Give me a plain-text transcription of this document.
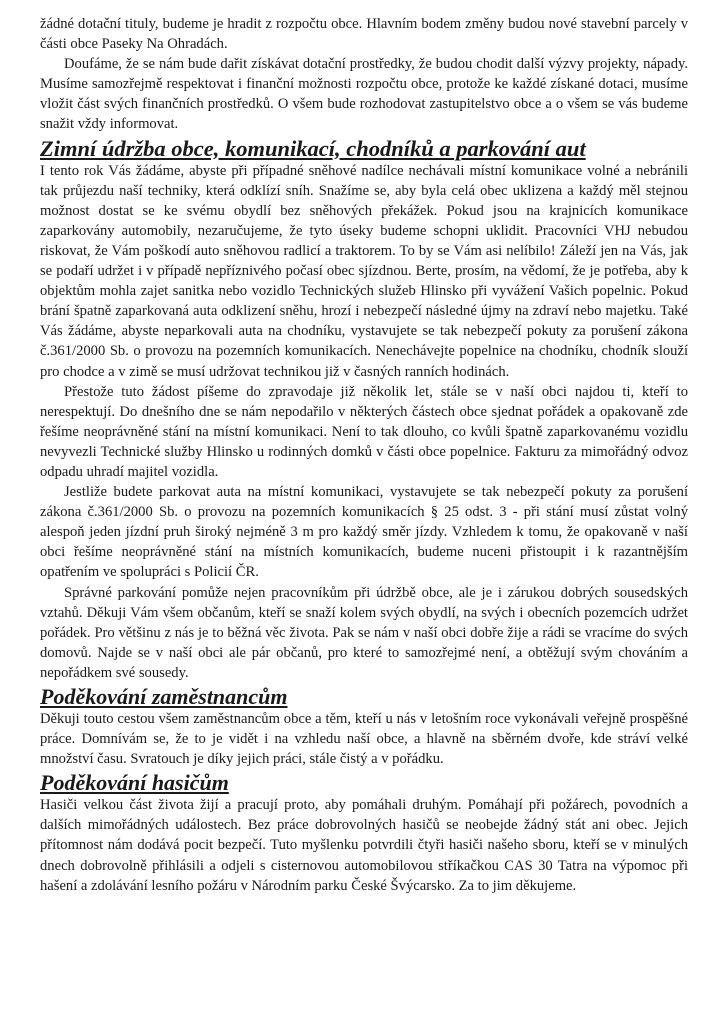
žádné dotační tituly, budeme je hradit z rozpočtu obce. Hlavním bodem změny budou nové stavební parcely v části obce Paseky Na Ohradách.

Doufáme, že se nám bude dařit získávat dotační prostředky, že budou chodit další výzvy projekty, nápady. Musíme samozřejmě respektovat i finanční možnosti rozpočtu obce, protože ke každé získané dotaci, musíme vložit část svých finančních prostředků. O všem bude rozhodovat zastupitelstvo obce a o všem se vás budeme snažit vždy informovat.

Zimní údržba obce, komunikací, chodníků a parkování aut

I tento rok Vás žádáme, abyste při případné sněhové nadílce nechávali místní komunikace volné a nebránili tak průjezdu naší techniky, která odklízí sníh. Snažíme se, aby byla celá obec uklizena a každý měl stejnou možnost dostat se ke svému obydlí bez sněhových překážek. Pokud jsou na krajnicích komunikace zaparkovány automobily, nezaručujeme, že tyto úseky budeme schopni uklidit. Pracovníci VHJ nebudou riskovat, že Vám poškodí auto sněhovou radlicí a traktorem. To by se Vám asi nelíbilo! Záleží jen na Vás, jak se podaří udržet i v případě nepříznivého počasí obec sjízdnou. Berte, prosím, na vědomí, že je potřeba, aby k objektům mohla zajet sanitka nebo vozidlo Technických služeb Hlinsko při vyvážení Vašich popelnic. Pokud brání špatně zaparkovaná auta odklizení sněhu, hrozí i nebezpečí následné újmy na zdraví nebo majetku. Také Vás žádáme, abyste neparkovali auta na chodníku, vystavujete se tak nebezpečí pokuty za porušení zákona č.361/2000 Sb. o provozu na pozemních komunikacích. Nenechávejte popelnice na chodníku, chodník slouží pro chodce a v zimě se musí udržovat technikou již v časných ranních hodinách.

Přestože tuto žádost píšeme do zpravodaje již několik let, stále se v naší obci najdou ti, kteří to nerespektují. Do dnešního dne se nám nepodařilo v některých částech obce sjednat pořádek a opakovaně zde řešíme neoprávněné stání na místní komunikaci. Není to tak dlouho, co kvůli špatně zaparkovanému vozidlu nevyvezli Technické služby Hlinsko u rodinných domků v části obce popelnice. Fakturu za mimořádný odvoz odpadu uhradí majitel vozidla.

Jestliže budete parkovat auta na místní komunikaci, vystavujete se tak nebezpečí pokuty za porušení zákona č.361/2000 Sb. o provozu na pozemních komunikacích § 25 odst. 3 - při stání musí zůstat volný alespoň jeden jízdní pruh široký nejméně 3 m pro každý směr jízdy. Vzhledem k tomu, že opakovaně v naší obci řešíme neoprávněné stání na místních komunikacích, budeme nuceni přistoupit i k razantnějším opatřením ve spolupráci s Policií ČR.

Správné parkování pomůže nejen pracovníkům při údržbě obce, ale je i zárukou dobrých sousedských vztahů. Děkuji Vám všem občanům, kteří se snaží kolem svých obydlí, na svých i obecních pozemcích udržet pořádek. Pro většinu z nás je to běžná věc života. Pak se nám v naší obci dobře žije a rádi se vracíme do svých domovů. Najde se v naší obci ale pár občanů, pro které to samozřejmé není, a obtěžují svým chováním a nepořádkem své sousedy.

Poděkování zaměstnancům

Děkuji touto cestou všem zaměstnancům obce a těm, kteří u nás v letošním roce vykonávali veřejně prospěšné práce. Domnívám se, že to je vidět i na vzhledu naší obce, a hlavně na sběrném dvoře, kde stráví velké množství času. Svratouch je díky jejich práci, stále čistý a v pořádku.

Poděkování hasičům

Hasiči velkou část života žijí a pracují proto, aby pomáhali druhým. Pomáhají při požárech, povodních a dalších mimořádných událostech. Bez práce dobrovolných hasičů se neobejde žádný stát ani obec. Jejich přítomnost nám dodává pocit bezpečí. Tuto myšlenku potvrdili čtyři hasiči našeho sboru, kteří se v minulých dnech dobrovolně přihlásili a odjeli s cisternovou automobilovou stříkačkou CAS 30 Tatra na výpomoc při hašení a zdolávání lesního požáru v Národním parku České Švýcarsko. Za to jim děkujeme.
